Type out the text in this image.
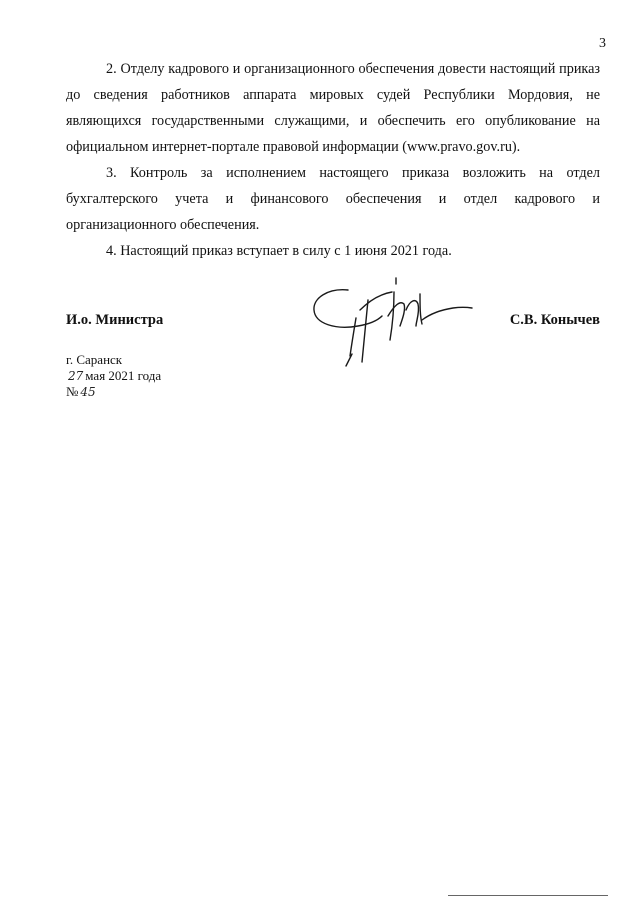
3

2. Отделу кадрового и организационного обеспечения довести настоящий приказ до сведения работников аппарата мировых судей Республики Мордовия, не являющихся государственными служащими, и обеспечить его опубликование на официальном интернет-портале правовой информации (www.pravo.gov.ru).

3. Контроль за исполнением настоящего приказа возложить на отдел бухгалтерского учета и финансового обеспечения и отдел кадрового и организационного обеспечения.

4. Настоящий приказ вступает в силу с 1 июня 2021 года.

И.о. Министра	С.В. Конычев
г. Саранск
27 мая 2021 года
№ 45
